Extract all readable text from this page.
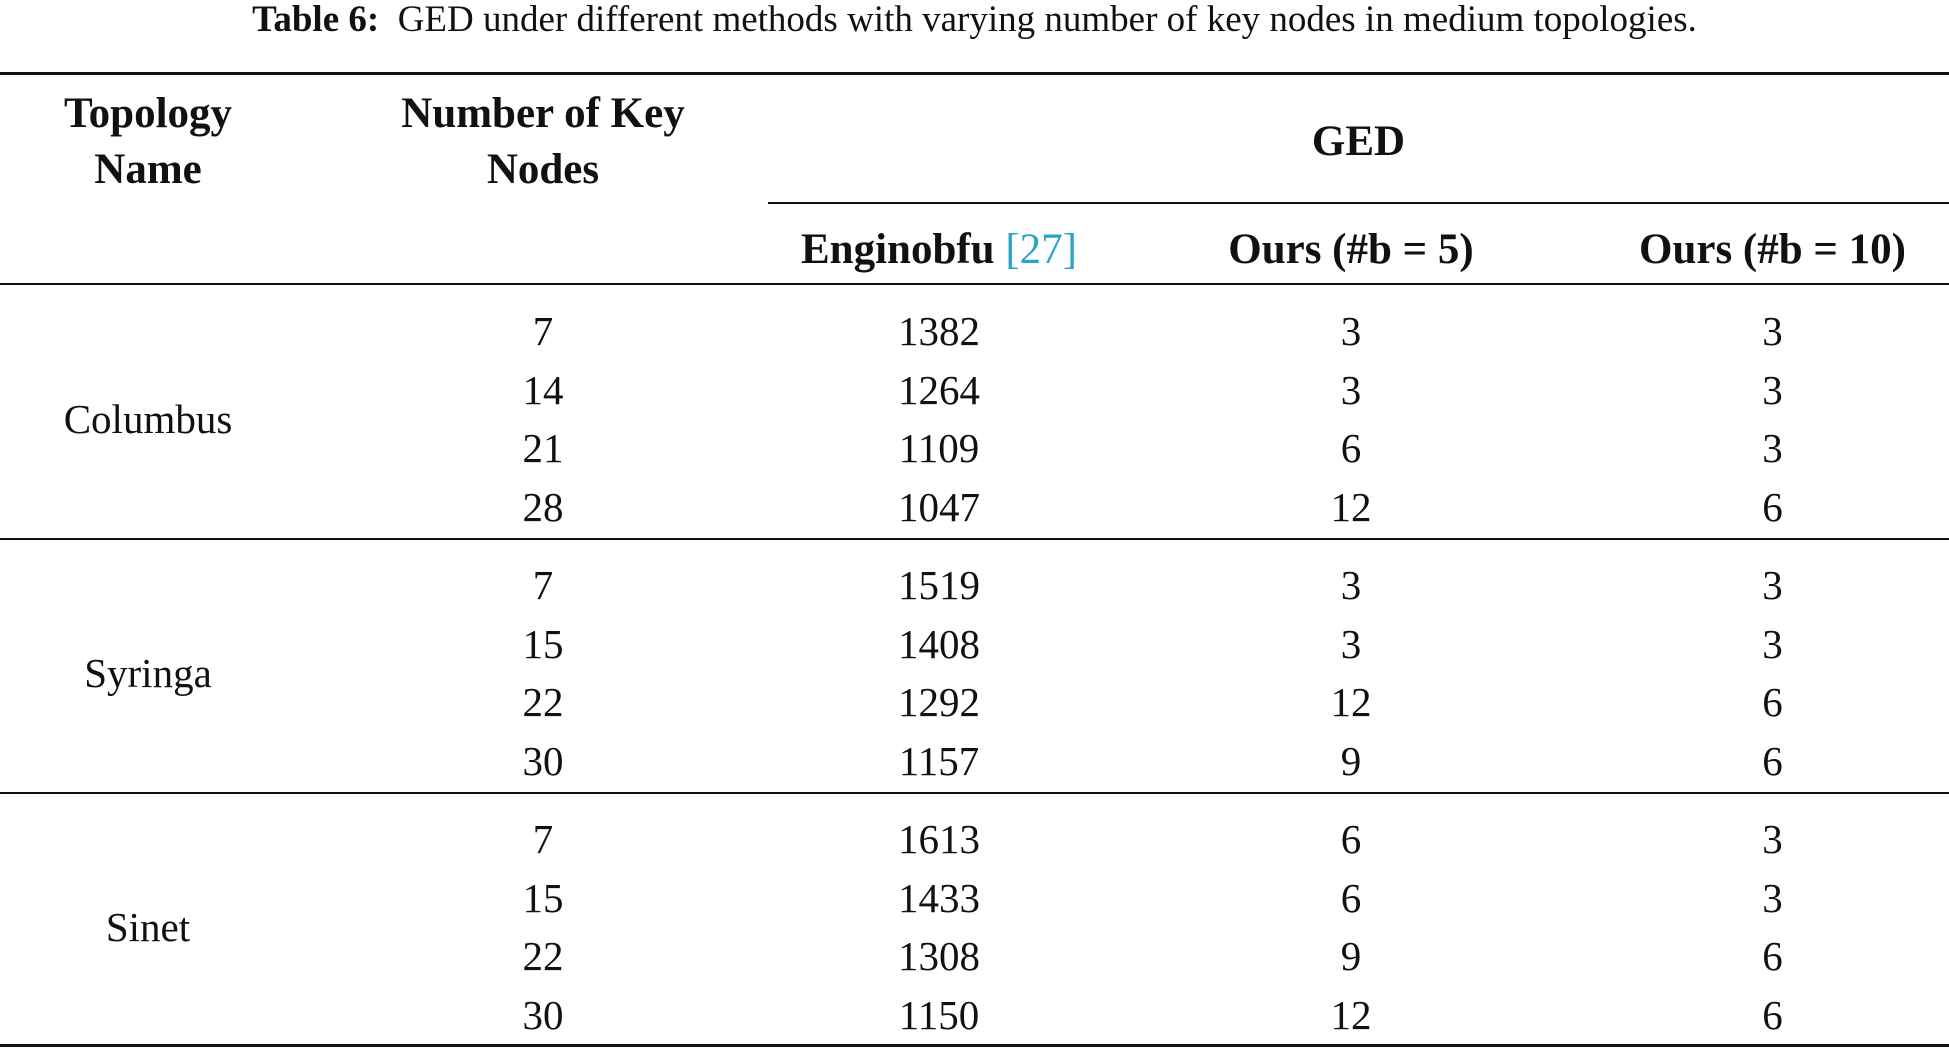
Table 6: GED under different methods with varying number of key nodes in medium topologies.
Topology
Name
Number of Key
Nodes
GED
Enginobfu [27]	Ours (#b = 5)	Ours (#b = 10)
Columbus
7	1382	3	3
14	1264	3	3
21	1109	6	3
28	1047	12	6
Syringa
7	1519	3	3
15	1408	3	3
22	1292	12	6
30	1157	9	6
Sinet
7	1613	6	3
15	1433	6	3
22	1308	9	6
30	1150	12	6
